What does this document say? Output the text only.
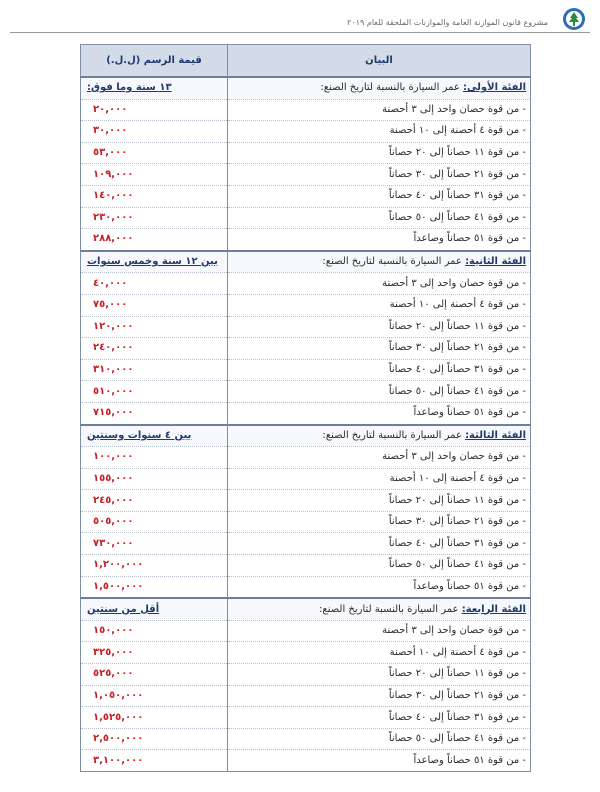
مشروع قانون الموازنة العامة والموازنات الملحقة للعام ٢٠١٩
البيان	قيمة الرسم (ل.ل.)
الفئة الأولى: عمر السيارة بالنسبة لتاريخ الصنع:	١٣ سنة وما فوق:
- من قوة حصان واحد إلى ٣ أحصنة	٢٠,٠٠٠
- من قوة ٤ أحصنة إلى ١٠ أحصنة	٣٠,٠٠٠
- من قوة ١١ حصاناً إلى ٢٠ حصاناً	٥٣,٠٠٠
- من قوة ٢١ حصاناً إلى ٣٠ حصاناً	١٠٩,٠٠٠
- من قوة ٣١ حصاناً إلى ٤٠ حصاناً	١٤٠,٠٠٠
- من قوة ٤١ حصاناً إلى ٥٠ حصاناً	٢٣٠,٠٠٠
- من قوة ٥١ حصاناً وصاعداً	٢٨٨,٠٠٠
الفئة الثانية: عمر السيارة بالنسبة لتاريخ الصنع:	بين ١٢ سنة وخمس سنوات
- من قوة حصان واحد إلى ٣ أحصنة	٤٠,٠٠٠
- من قوة ٤ أحصنة إلى ١٠ أحصنة	٧٥,٠٠٠
- من قوة ١١ حصاناً إلى ٢٠ حصاناً	١٢٠,٠٠٠
- من قوة ٢١ حصاناً إلى ٣٠ حصاناً	٢٤٠,٠٠٠
- من قوة ٣١ حصاناً إلى ٤٠ حصاناً	٣١٠,٠٠٠
- من قوة ٤١ حصاناً إلى ٥٠ حصاناً	٥١٠,٠٠٠
- من قوة ٥١ حصاناً وصاعداً	٧١٥,٠٠٠
الفئة الثالثة: عمر السيارة بالنسبة لتاريخ الصنع:	بين ٤ سنوات وسنتين
- من قوة حصان واحد إلى ٣ أحصنة	١٠٠,٠٠٠
- من قوة ٤ أحصنة إلى ١٠ أحصنة	١٥٥,٠٠٠
- من قوة ١١ حصاناً إلى ٢٠ حصاناً	٢٤٥,٠٠٠
- من قوة ٢١ حصاناً إلى ٣٠ حصاناً	٥٠٥,٠٠٠
- من قوة ٣١ حصاناً إلى ٤٠ حصاناً	٧٣٠,٠٠٠
- من قوة ٤١ حصاناً إلى ٥٠ حصاناً	١,٢٠٠,٠٠٠
- من قوة ٥١ حصاناً وصاعداً	١,٥٠٠,٠٠٠
الفئة الرابعة: عمر السيارة بالنسبة لتاريخ الصنع:	أقل من سنتين
- من قوة حصان واحد إلى ٣ أحصنة	١٥٠,٠٠٠
- من قوة ٤ أحصنة إلى ١٠ أحصنة	٣٢٥,٠٠٠
- من قوة ١١ حصاناً إلى ٢٠ حصاناً	٥٢٥,٠٠٠
- من قوة ٢١ حصاناً إلى ٣٠ حصاناً	١,٠٥٠,٠٠٠
- من قوة ٣١ حصاناً إلى ٤٠ حصاناً	١,٥٢٥,٠٠٠
- من قوة ٤١ حصاناً إلى ٥٠ حصاناً	٢,٥٠٠,٠٠٠
- من قوة ٥١ حصاناً وصاعداً	٣,١٠٠,٠٠٠
